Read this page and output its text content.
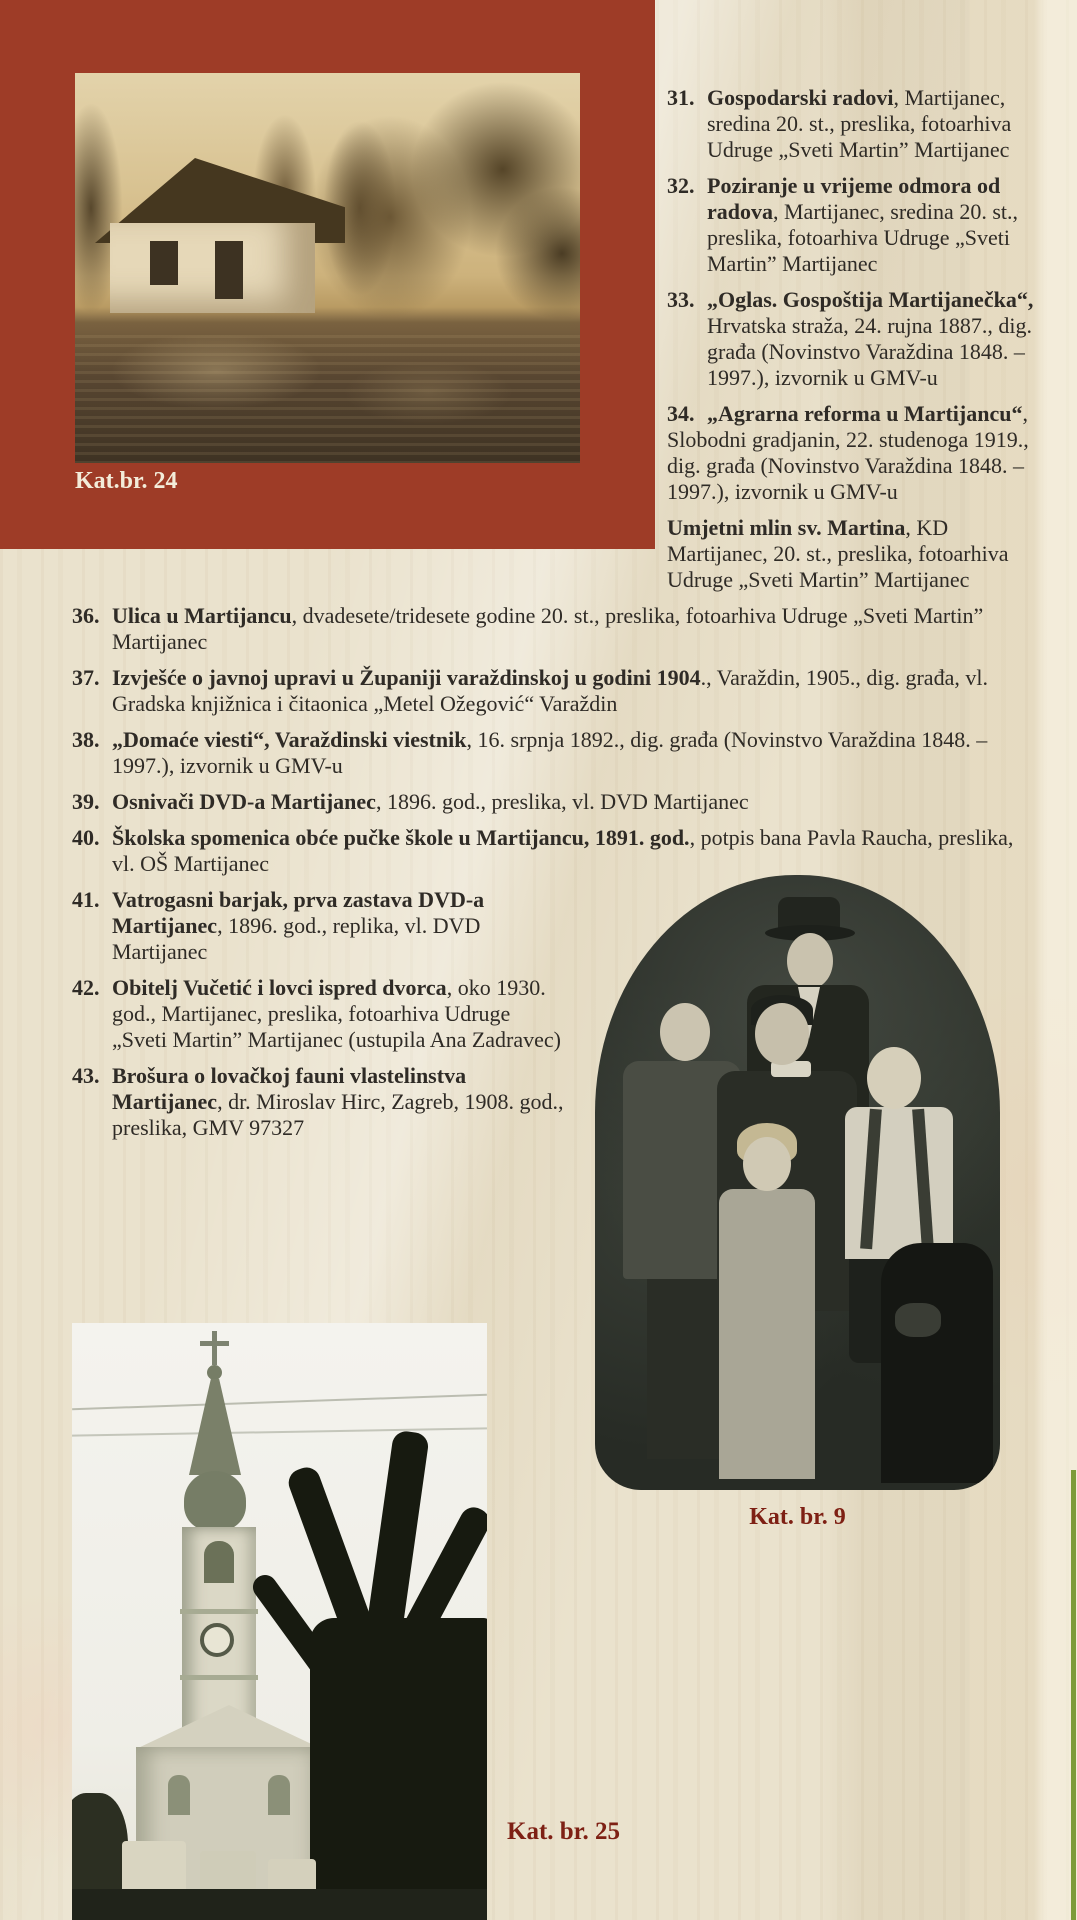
Kat.br. 24
31. Gospodarski radovi, Martijanec, sredina 20. st., preslika, fotoarhiva Udruge „Sveti Martin” Martijanec
32. Poziranje u vrijeme odmora od radova, Martijanec, sredina 20. st., preslika, fotoarhiva Udruge „Sveti Martin” Martijanec
33. „Oglas. Gospoštija Martijanečka“, Hrvatska straža, 24. rujna 1887., dig. građa (Novinstvo Varaždina 1848. – 1997.), izvornik u GMV-u
34. „Agrarna reforma u Martijancu“, Slobodni gradjanin, 22. studenoga 1919., dig. građa (Novinstvo Varaždina 1848. – 1997.), izvornik u GMV-u
Umjetni mlin sv. Martina, KD Martijanec, 20. st., preslika, fotoarhiva Udruge „Sveti Martin” Martijanec
36. Ulica u Martijancu, dvadesete/tridesete godine 20. st., preslika, fotoarhiva Udruge „Sveti Martin” Martijanec
37. Izvješće o javnoj upravi u Županiji varaždinskoj u godini 1904., Varaždin, 1905., dig. građa, vl. Gradska knjižnica i čitaonica „Metel Ožegović“ Varaždin
38. „Domaće viesti“, Varaždinski viestnik, 16. srpnja 1892., dig. građa (Novinstvo Varaždina 1848. – 1997.), izvornik u GMV-u
39. Osnivači DVD-a Martijanec, 1896. god., preslika, vl. DVD Martijanec
40. Školska spomenica obće pučke škole u Martijancu, 1891. god., potpis bana Pavla Raucha, preslika, vl. OŠ Martijanec
Kat. br. 9
41. Vatrogasni barjak, prva zastava DVD-a Martijanec, 1896. god., replika, vl. DVD Martijanec
42. Obitelj Vučetić i lovci ispred dvorca, oko 1930. god., Martijanec, preslika, fotoarhiva Udruge „Sveti Martin” Martijanec (ustupila Ana Zadravec)
43. Brošura o lovačkoj fauni vlastelinstva Martijanec, dr. Miroslav Hirc, Zagreb, 1908. god., preslika, GMV 97327
Kat. br. 25
